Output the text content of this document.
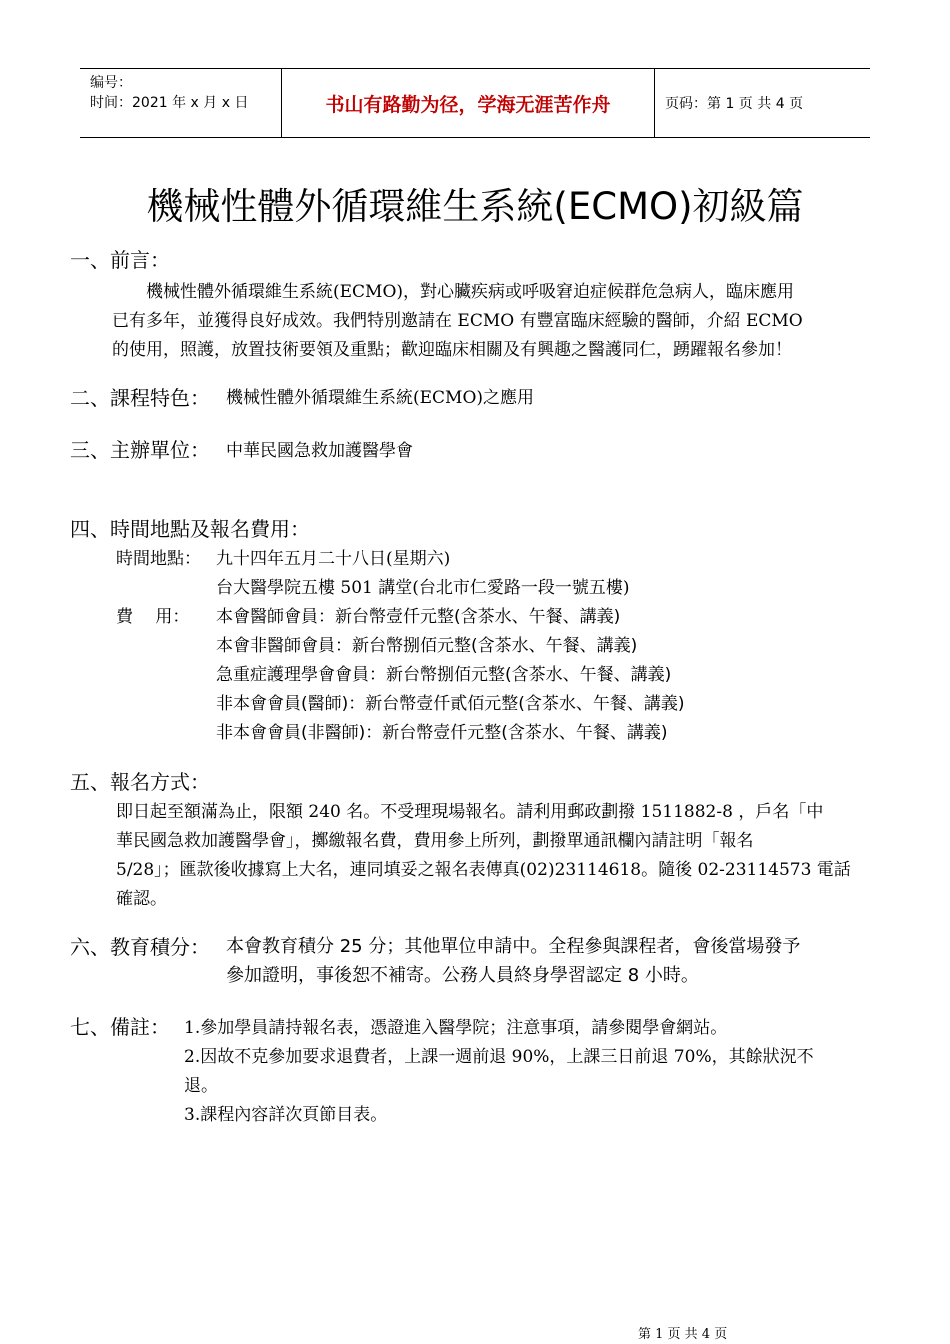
编号：
时间：2021 年 x 月 x 日	书山有路勤为径，学海无涯苦作舟	页码：第 1 页 共 4 页
機械性體外循環維生系統(ECMO)初級篇
一、前言：
機械性體外循環維生系統(ECMO)，對心臟疾病或呼吸窘迫症候群危急病人，臨床應用
已有多年，並獲得良好成效。我們特別邀請在 ECMO 有豐富臨床經驗的醫師，介紹 ECMO
的使用，照護，放置技術要領及重點；歡迎臨床相關及有興趣之醫護同仁，踴躍報名參加！
二、課程特色： 機械性體外循環維生系統(ECMO)之應用
三、主辦單位： 中華民國急救加護醫學會
四、時間地點及報名費用：
時間地點： 九十四年五月二十八日(星期六)
台大醫學院五樓 501 講堂(台北市仁愛路一段一號五樓)
費　 用： 本會醫師會員：新台幣壹仟元整(含茶水、午餐、講義)
本會非醫師會員：新台幣捌佰元整(含茶水、午餐、講義)
急重症護理學會會員：新台幣捌佰元整(含茶水、午餐、講義)
非本會會員(醫師)：新台幣壹仟貳佰元整(含茶水、午餐、講義)
非本會會員(非醫師)：新台幣壹仟元整(含茶水、午餐、講義)
五、報名方式：
即日起至額滿為止，限額 240 名。不受理現場報名。請利用郵政劃撥 1511882-8 ，戶名「中
華民國急救加護醫學會」，擲繳報名費，費用參上所列，劃撥單通訊欄內請註明「報名
5/28」；匯款後收據寫上大名，連同填妥之報名表傳真(02)23114618。隨後 02-23114573 電話
確認。
六、教育積分： 本會教育積分 25 分；其他單位申請中。全程參與課程者，會後當場發予
參加證明，事後恕不補寄。公務人員終身學習認定 8 小時。
七、備註： 1.參加學員請持報名表，憑證進入醫學院；注意事項，請參閱學會網站。
2.因故不克參加要求退費者，上課一週前退 90%，上課三日前退 70%，其餘狀況不
退。
3.課程內容詳次頁節目表。
第 1 页 共 4 页
